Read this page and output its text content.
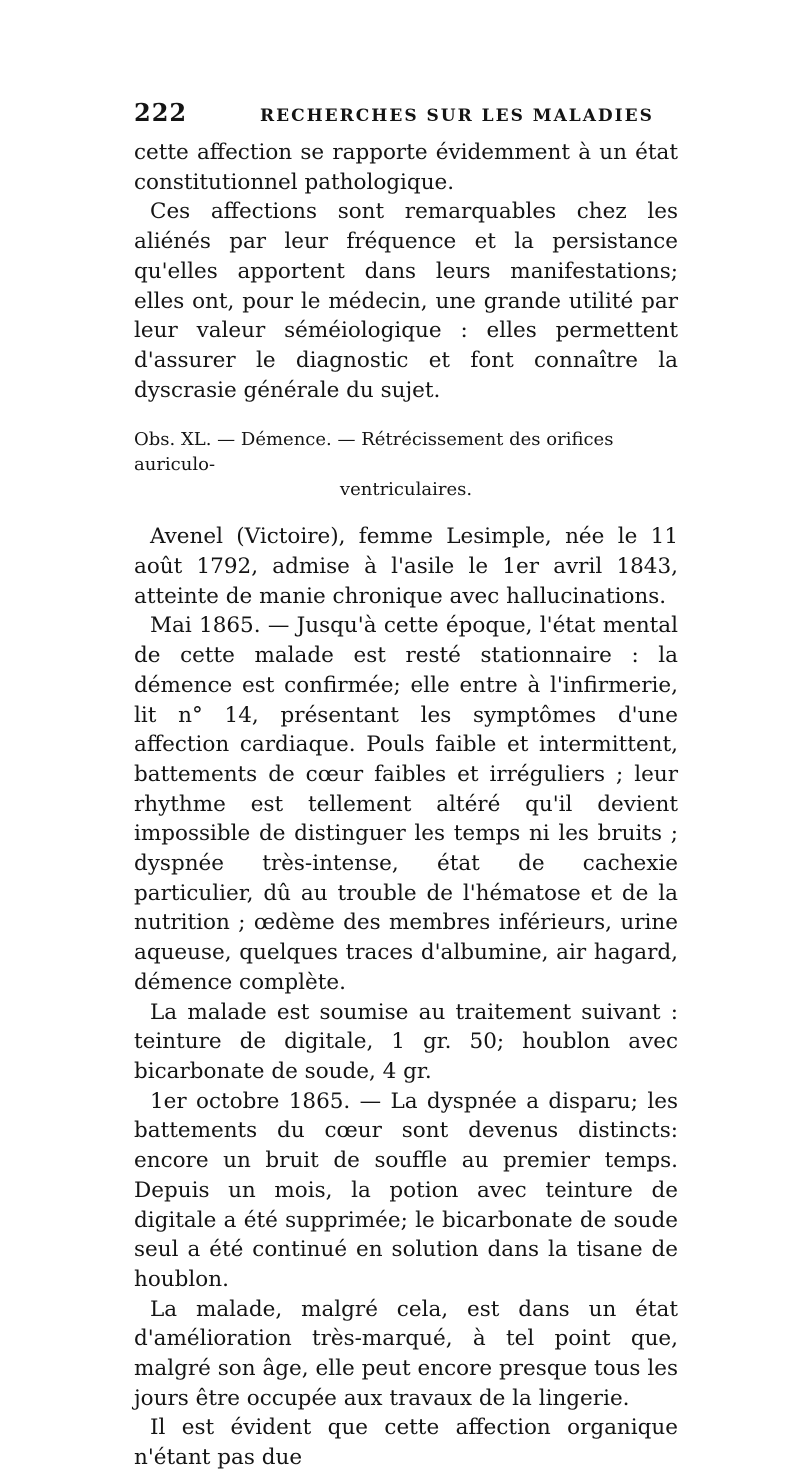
222	RECHERCHES SUR LES MALADIES

cette affection se rapporte évidemment à un état constitutionnel pathologique.

Ces affections sont remarquables chez les aliénés par leur fréquence et la persistance qu'elles apportent dans leurs manifestations; elles ont, pour le médecin, une grande utilité par leur valeur séméiologique : elles permettent d'assurer le diagnostic et font connaître la dyscrasie générale du sujet.

Obs. XL. — Démence. — Rétrécissement des orifices auriculo-
ventriculaires.

Avenel (Victoire), femme Lesimple, née le 11 août 1792, admise à l'asile le 1er avril 1843, atteinte de manie chronique avec hallucinations.

Mai 1865. — Jusqu'à cette époque, l'état mental de cette malade est resté stationnaire : la démence est confirmée; elle entre à l'infirmerie, lit n° 14, présentant les symptômes d'une affection cardiaque. Pouls faible et intermittent, battements de cœur faibles et irréguliers ; leur rhythme est tellement altéré qu'il devient impossible de distinguer les temps ni les bruits ; dyspnée très-intense, état de cachexie particulier, dû au trouble de l'hématose et de la nutrition ; œdème des membres inférieurs, urine aqueuse, quelques traces d'albumine, air hagard, démence complète.

La malade est soumise au traitement suivant : teinture de digitale, 1 gr. 50; houblon avec bicarbonate de soude, 4 gr.

1er octobre 1865. — La dyspnée a disparu; les battements du cœur sont devenus distincts: encore un bruit de souffle au premier temps. Depuis un mois, la potion avec teinture de digitale a été supprimée; le bicarbonate de soude seul a été continué en solution dans la tisane de houblon.

La malade, malgré cela, est dans un état d'amélioration très-marqué, à tel point que, malgré son âge, elle peut encore presque tous les jours être occupée aux travaux de la lingerie.

Il est évident que cette affection organique n'étant pas due
